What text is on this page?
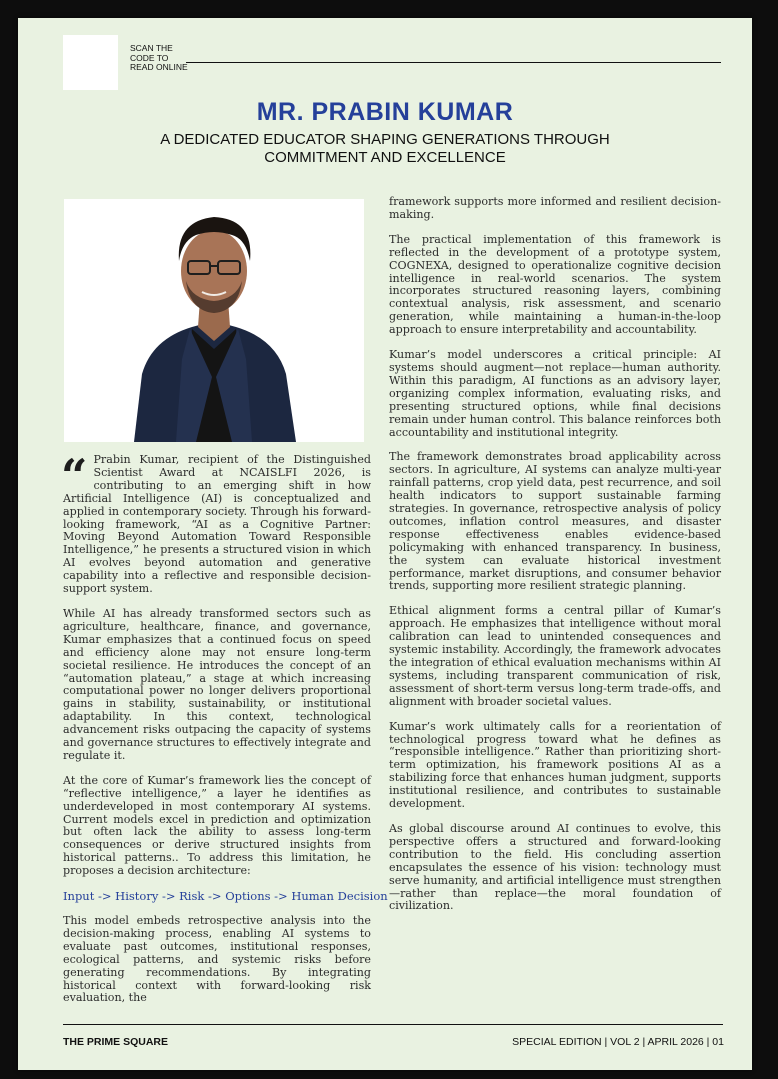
SCAN THE CODE TO READ ONLINE
MR. PRABIN KUMAR
A DEDICATED EDUCATOR SHAPING GENERATIONS THROUGH COMMITMENT AND EXCELLENCE

“ Prabin Kumar, recipient of the Distinguished Scientist Award at NCAISLFI 2026, is contributing to an emerging shift in how Artificial Intelligence (AI) is conceptualized and applied in contemporary society. Through his forward-looking framework, “AI as a Cognitive Partner: Moving Beyond Automation Toward Responsible Intelligence,” he presents a structured vision in which AI evolves beyond automation and generative capability into a reflective and responsible decision-support system.

While AI has already transformed sectors such as agriculture, healthcare, finance, and governance, Kumar emphasizes that a continued focus on speed and efficiency alone may not ensure long-term societal resilience. He introduces the concept of an “automation plateau,” a stage at which increasing computational power no longer delivers proportional gains in stability, sustainability, or institutional adaptability. In this context, technological advancement risks outpacing the capacity of systems and governance structures to effectively integrate and regulate it.

At the core of Kumar’s framework lies the concept of “reflective intelligence,” a layer he identifies as underdeveloped in most contemporary AI systems. Current models excel in prediction and optimization but often lack the ability to assess long-term consequences or derive structured insights from historical patterns.. To address this limitation, he proposes a decision architecture:

Input -> History -> Risk -> Options -> Human Decision

This model embeds retrospective analysis into the decision-making process, enabling AI systems to evaluate past outcomes, institutional responses, ecological patterns, and systemic risks before generating recommendations. By integrating historical context with forward-looking risk evaluation, the

framework supports more informed and resilient decision-making.

The practical implementation of this framework is reflected in the development of a prototype system, COGNEXA, designed to operationalize cognitive decision intelligence in real-world scenarios. The system incorporates structured reasoning layers, combining contextual analysis, risk assessment, and scenario generation, while maintaining a human-in-the-loop approach to ensure interpretability and accountability.

Kumar’s model underscores a critical principle: AI systems should augment—not replace—human authority. Within this paradigm, AI functions as an advisory layer, organizing complex information, evaluating risks, and presenting structured options, while final decisions remain under human control. This balance reinforces both accountability and institutional integrity.

The framework demonstrates broad applicability across sectors. In agriculture, AI systems can analyze multi-year rainfall patterns, crop yield data, pest recurrence, and soil health indicators to support sustainable farming strategies. In governance, retrospective analysis of policy outcomes, inflation control measures, and disaster response effectiveness enables evidence-based policymaking with enhanced transparency. In business, the system can evaluate historical investment performance, market disruptions, and consumer behavior trends, supporting more resilient strategic planning.

Ethical alignment forms a central pillar of Kumar’s approach. He emphasizes that intelligence without moral calibration can lead to unintended consequences and systemic instability. Accordingly, the framework advocates the integration of ethical evaluation mechanisms within AI systems, including transparent communication of risk, assessment of short-term versus long-term trade-offs, and alignment with broader societal values.

Kumar’s work ultimately calls for a reorientation of technological progress toward what he defines as “responsible intelligence.” Rather than prioritizing short-term optimization, his framework positions AI as a stabilizing force that enhances human judgment, supports institutional resilience, and contributes to sustainable development.

As global discourse around AI continues to evolve, this perspective offers a structured and forward-looking contribution to the field. His concluding assertion encapsulates the essence of his vision: technology must serve humanity, and artificial intelligence must strengthen—rather than replace—the moral foundation of civilization.

THE PRIME SQUARE	SPECIAL EDITION | VOL 2 | APRIL 2026 | 01
